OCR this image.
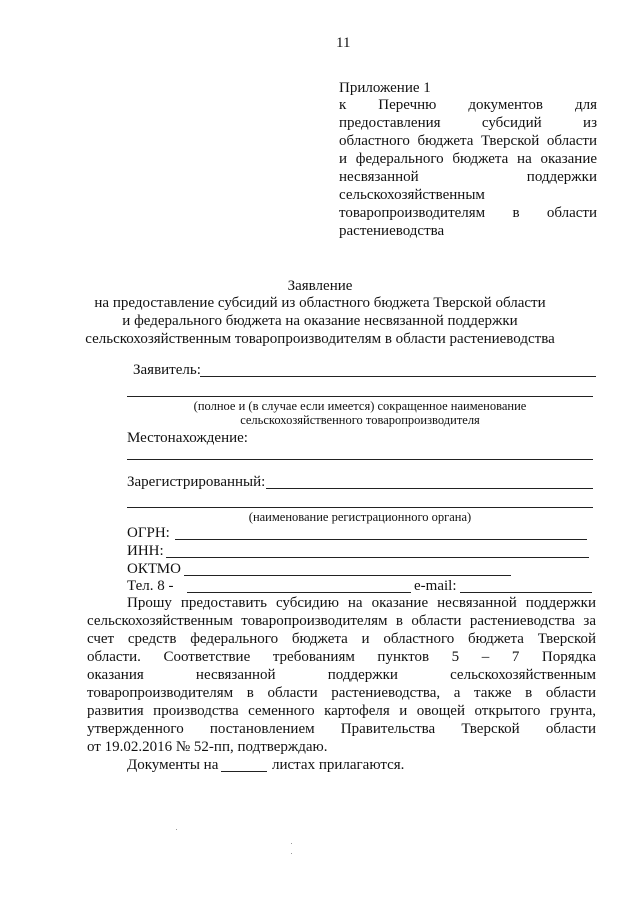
11
Приложение 1
к Перечню документов для
предоставления субсидий из
областного бюджета Тверской области
и федерального бюджета на оказание
несвязанной поддержки
сельскохозяйственным
товаропроизводителям в области
растениеводства
Заявление
на предоставление субсидий из областного бюджета Тверской области
и федерального бюджета на оказание несвязанной поддержки
сельскохозяйственным товаропроизводителям в области растениеводства
Заявитель:
(полное и (в случае если имеется) сокращенное наименование
сельскохозяйственного товаропроизводителя
Местонахождение:
Зарегистрированный:
(наименование регистрационного органа)
ОГРН:
ИНН:
ОКТМО
Тел. 8 -	e-mail:
Прошу предоставить субсидию на оказание несвязанной поддержки
сельскохозяйственным товаропроизводителям в области растениеводства за
счет средств федерального бюджета и областного бюджета Тверской
области. Соответствие требованиям пунктов 5 – 7 Порядка
оказания несвязанной поддержки сельскохозяйственным
товаропроизводителям в области растениеводства, а также в области
развития производства семенного картофеля и овощей открытого грунта,
утвержденного постановлением Правительства Тверской области
от 19.02.2016 № 52-пп, подтверждаю.
Документы на	листах прилагаются.
